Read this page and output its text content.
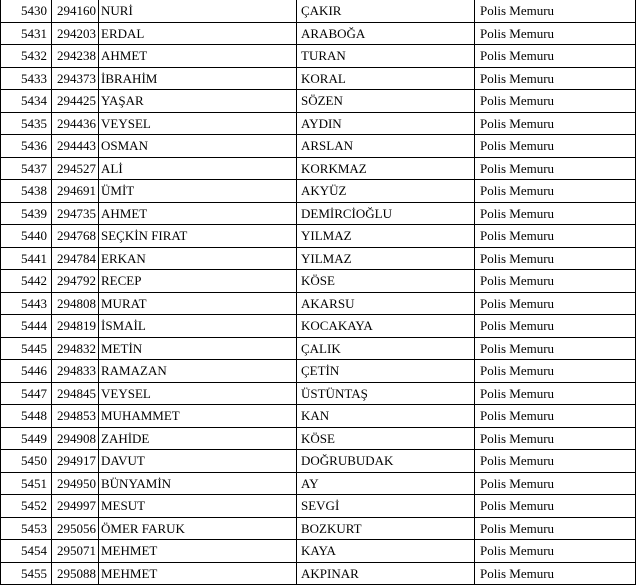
5430	294160	NURİ	ÇAKIR	Polis Memuru
5431	294203	ERDAL	ARABOĞA	Polis Memuru
5432	294238	AHMET	TURAN	Polis Memuru
5433	294373	İBRAHİM	KORAL	Polis Memuru
5434	294425	YAŞAR	SÖZEN	Polis Memuru
5435	294436	VEYSEL	AYDIN	Polis Memuru
5436	294443	OSMAN	ARSLAN	Polis Memuru
5437	294527	ALİ	KORKMAZ	Polis Memuru
5438	294691	ÜMİT	AKYÜZ	Polis Memuru
5439	294735	AHMET	DEMİRCİOĞLU	Polis Memuru
5440	294768	SEÇKİN FIRAT	YILMAZ	Polis Memuru
5441	294784	ERKAN	YILMAZ	Polis Memuru
5442	294792	RECEP	KÖSE	Polis Memuru
5443	294808	MURAT	AKARSU	Polis Memuru
5444	294819	İSMAİL	KOCAKAYA	Polis Memuru
5445	294832	METİN	ÇALIK	Polis Memuru
5446	294833	RAMAZAN	ÇETİN	Polis Memuru
5447	294845	VEYSEL	ÜSTÜNTAŞ	Polis Memuru
5448	294853	MUHAMMET	KAN	Polis Memuru
5449	294908	ZAHİDE	KÖSE	Polis Memuru
5450	294917	DAVUT	DOĞRUBUDAK	Polis Memuru
5451	294950	BÜNYAMİN	AY	Polis Memuru
5452	294997	MESUT	SEVGİ	Polis Memuru
5453	295056	ÖMER FARUK	BOZKURT	Polis Memuru
5454	295071	MEHMET	KAYA	Polis Memuru
5455	295088	MEHMET	AKPINAR	Polis Memuru
